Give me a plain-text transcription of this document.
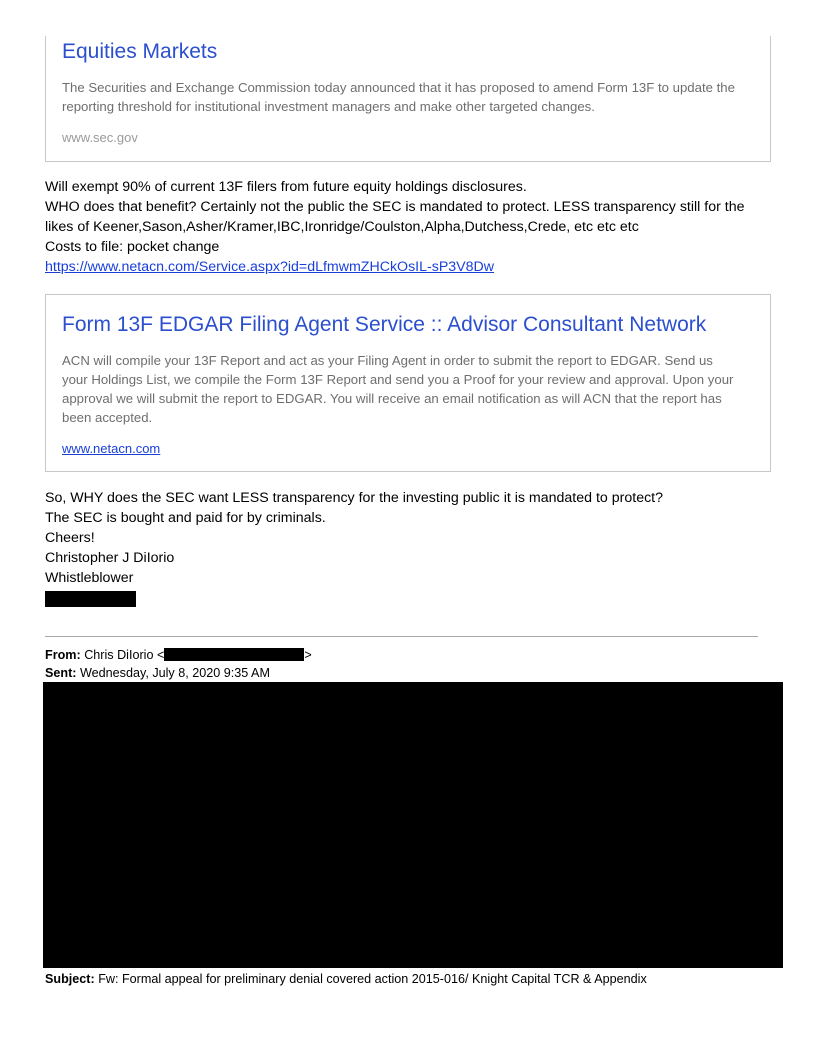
Equities Markets

The Securities and Exchange Commission today announced that it has proposed to amend Form 13F to update the reporting threshold for institutional investment managers and make other targeted changes.

www.sec.gov

Will exempt 90% of current 13F filers from future equity holdings disclosures.

WHO does that benefit? Certainly not the public the SEC is mandated to protect. LESS transparency still for the likes of Keener,Sason,Asher/Kramer,IBC,Ironridge/Coulston,Alpha,Dutchess,Crede, etc etc etc

Costs to file: pocket change

https://www.netacn.com/Service.aspx?id=dLfmwmZHCkOsIL-sP3V8Dw

Form 13F EDGAR Filing Agent Service :: Advisor Consultant Network

ACN will compile your 13F Report and act as your Filing Agent in order to submit the report to EDGAR. Send us your Holdings List, we compile the Form 13F Report and send you a Proof for your review and approval. Upon your approval we will submit the report to EDGAR. You will receive an email notification as will ACN that the report has been accepted.

www.netacn.com

So, WHY does the SEC want LESS transparency for the investing public it is mandated to protect?

The SEC is bought and paid for by criminals.

Cheers!

Christopher J DiIorio

Whistleblower

From: Chris DiIorio <	>

Sent: Wednesday, July 8, 2020 9:35 AM

Subject: Fw: Formal appeal for preliminary denial covered action 2015-016/ Knight Capital TCR & Appendix
